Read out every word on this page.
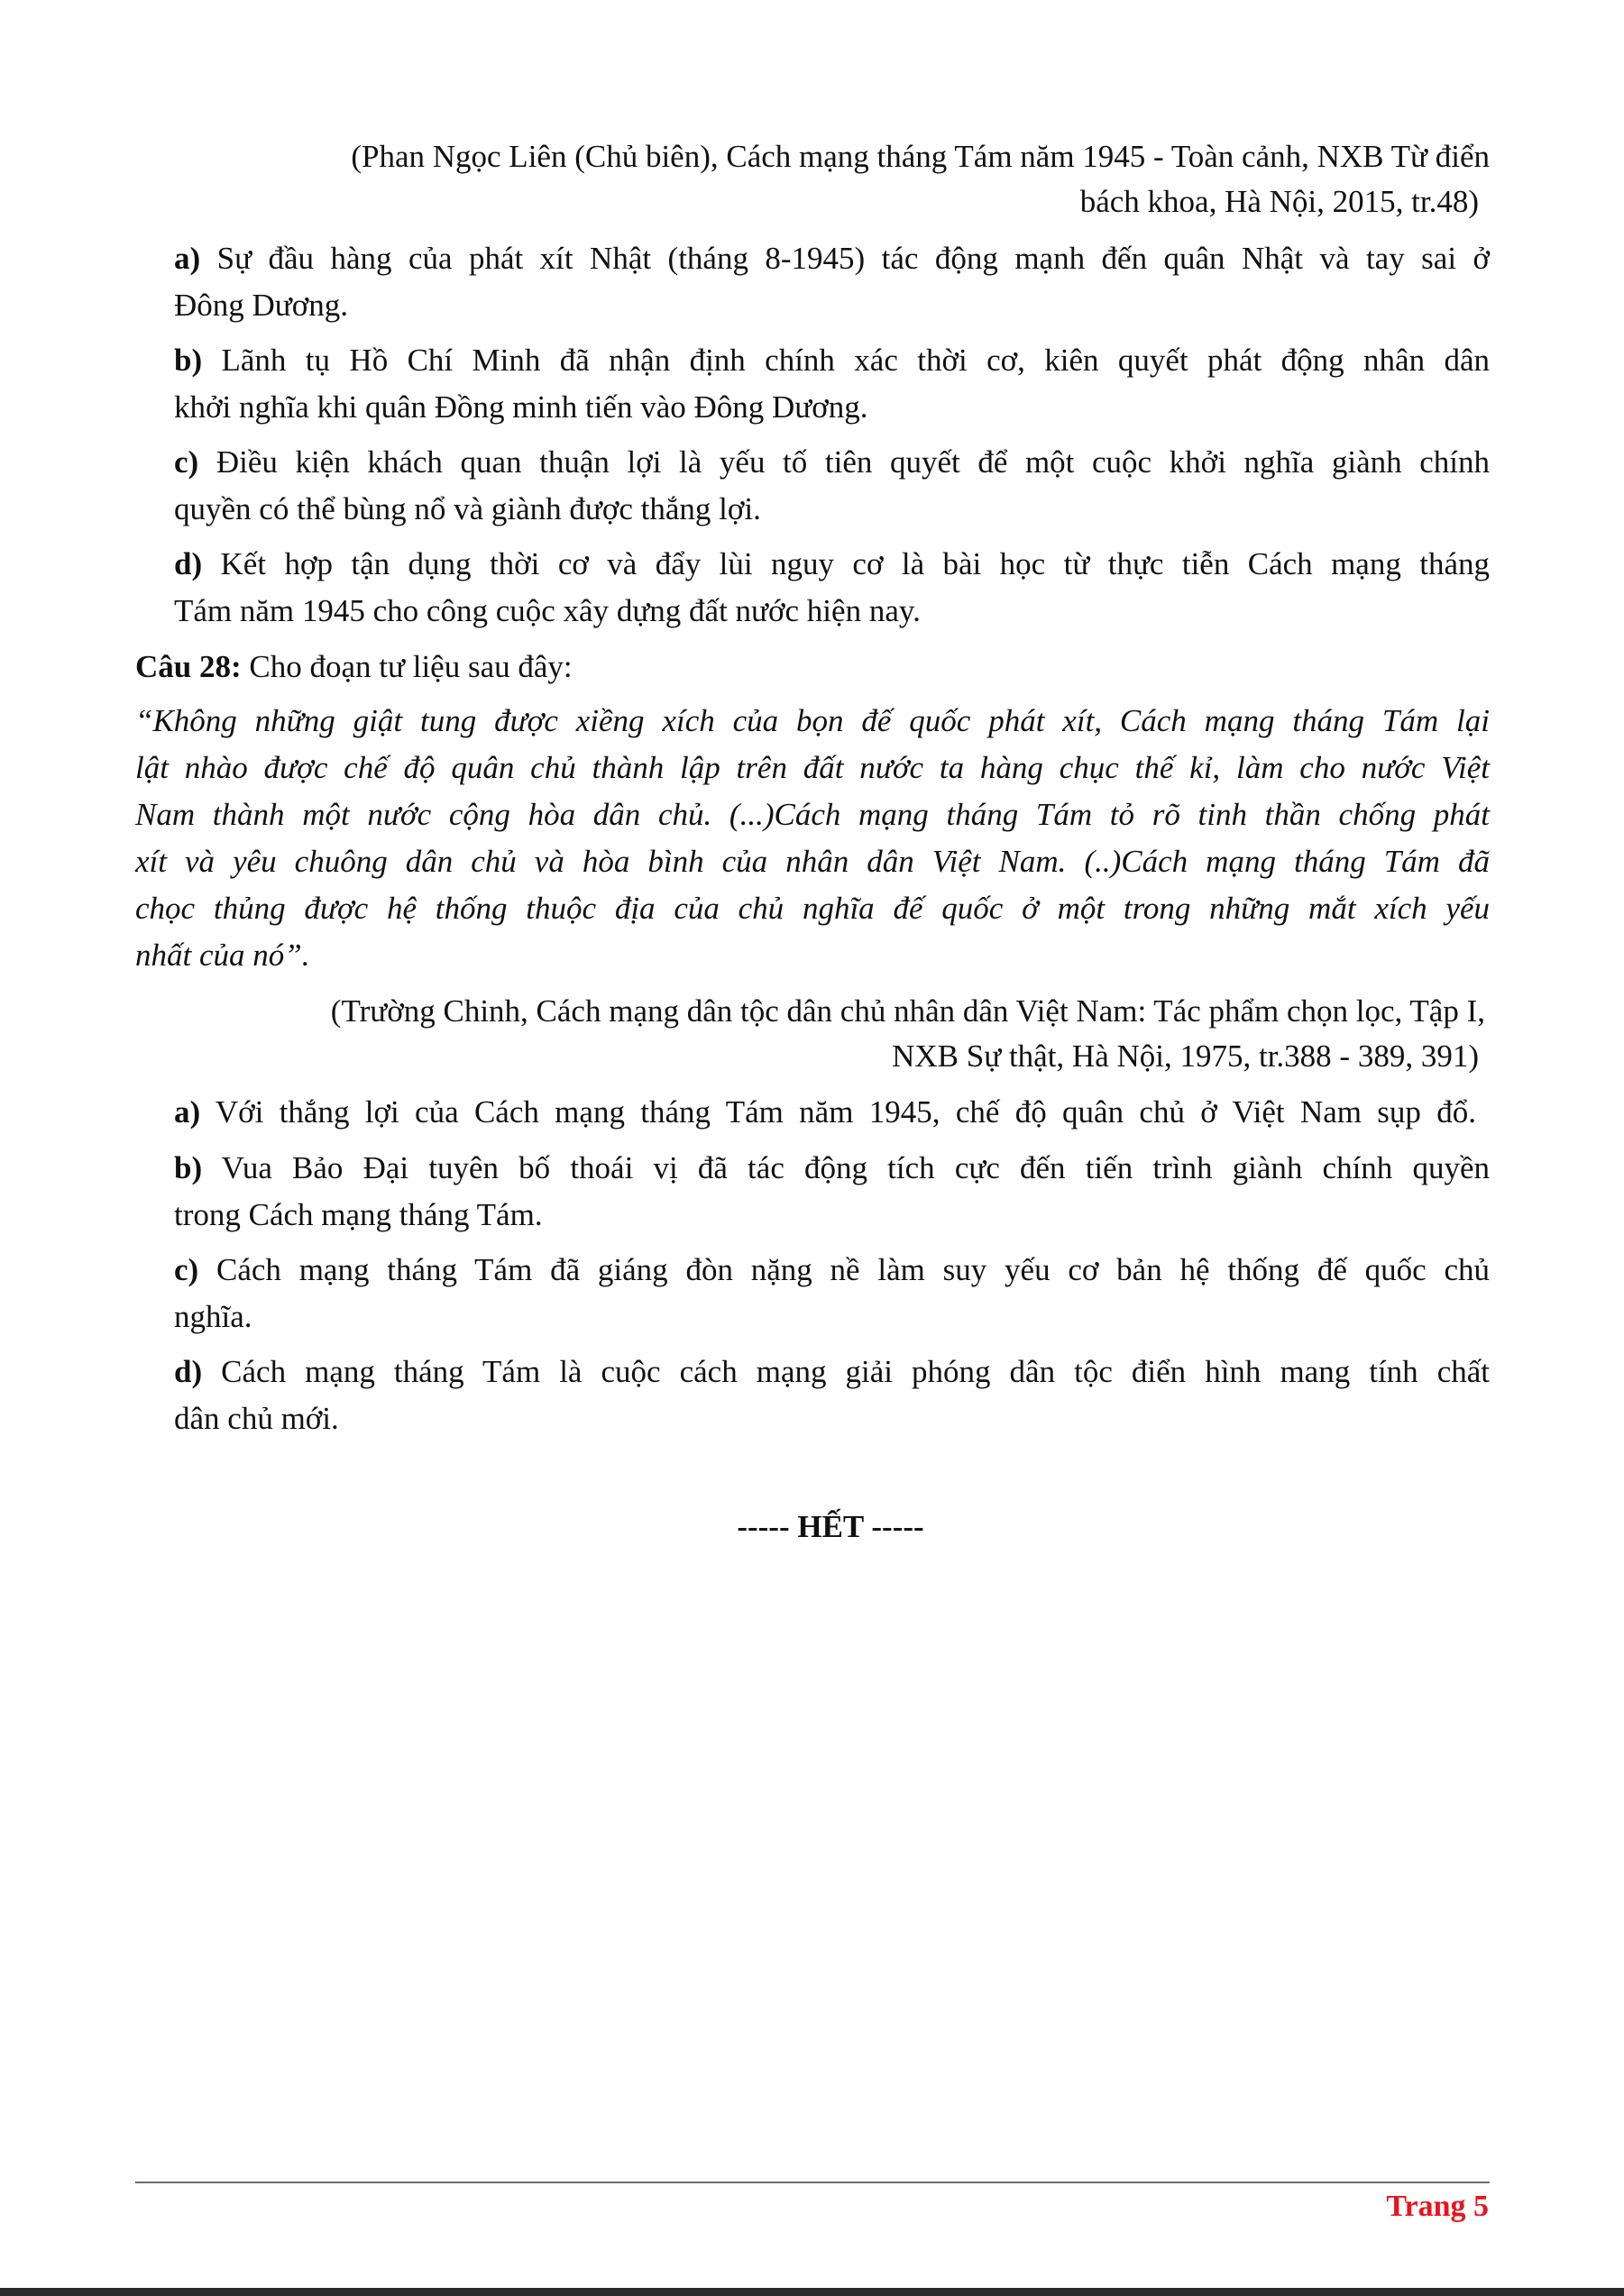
(Phan Ngọc Liên (Chủ biên), Cách mạng tháng Tám năm 1945 - Toàn cảnh, NXB Từ điển
bách khoa, Hà Nội, 2015, tr.48)
a) Sự đầu hàng của phát xít Nhật (tháng 8-1945) tác động mạnh đến quân Nhật và tay sai ở
Đông Dương.
b) Lãnh tụ Hồ Chí Minh đã nhận định chính xác thời cơ, kiên quyết phát động nhân dân
khởi nghĩa khi quân Đồng minh tiến vào Đông Dương.
c) Điều kiện khách quan thuận lợi là yếu tố tiên quyết để một cuộc khởi nghĩa giành chính
quyền có thể bùng nổ và giành được thắng lợi.
d) Kết hợp tận dụng thời cơ và đẩy lùi nguy cơ là bài học từ thực tiễn Cách mạng tháng
Tám năm 1945 cho công cuộc xây dựng đất nước hiện nay.
Câu 28: Cho đoạn tư liệu sau đây:
“Không những giật tung được xiềng xích của bọn đế quốc phát xít, Cách mạng tháng Tám lại
lật nhào được chế độ quân chủ thành lập trên đất nước ta hàng chục thế kỉ, làm cho nước Việt
Nam thành một nước cộng hòa dân chủ. (...)Cách mạng tháng Tám tỏ rõ tinh thần chống phát
xít và yêu chuông dân chủ và hòa bình của nhân dân Việt Nam. (..)Cách mạng tháng Tám đã
chọc thủng được hệ thống thuộc địa của chủ nghĩa đế quốc ở một trong những mắt xích yếu
nhất của nó”.
(Trường Chinh, Cách mạng dân tộc dân chủ nhân dân Việt Nam: Tác phẩm chọn lọc, Tập I,
NXB Sự thật, Hà Nội, 1975, tr.388 - 389, 391)
a) Với thắng lợi của Cách mạng tháng Tám năm 1945, chế độ quân chủ ở Việt Nam sụp đổ.
b) Vua Bảo Đại tuyên bố thoái vị đã tác động tích cực đến tiến trình giành chính quyền
trong Cách mạng tháng Tám.
c) Cách mạng tháng Tám đã giáng đòn nặng nề làm suy yếu cơ bản hệ thống đế quốc chủ
nghĩa.
d) Cách mạng tháng Tám là cuộc cách mạng giải phóng dân tộc điển hình mang tính chất
dân chủ mới.
----- HẾT -----
Trang 5
